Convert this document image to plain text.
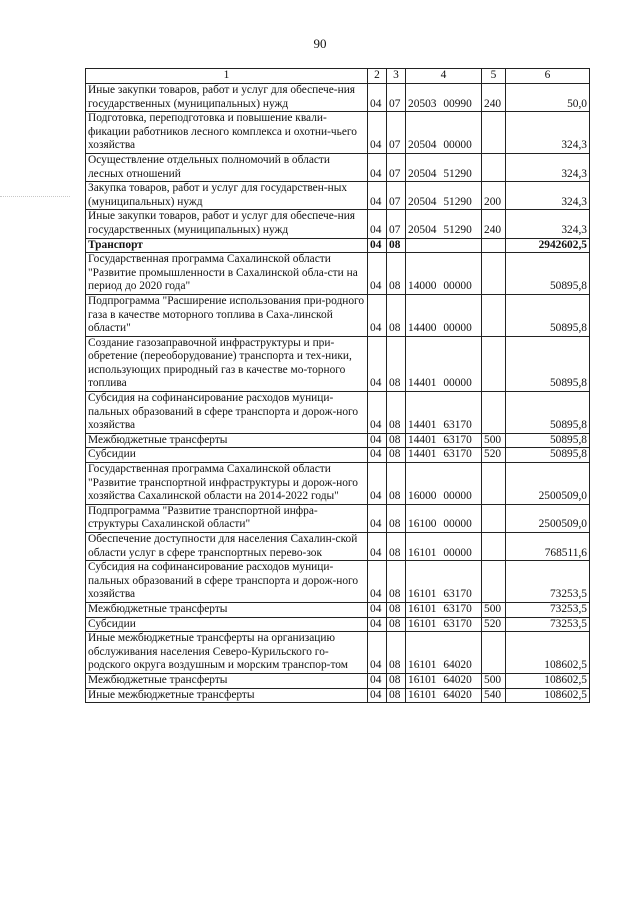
90
1	2	3	4	5	6
Иные закупки товаров, работ и услуг для обеспече-ния государственных (муниципальных) нужд	04	07	20503 00990	240	50,0
Подготовка, переподготовка и повышение квали-фикации работников лесного комплекса и охотни-чьего хозяйства	04	07	20504 00000		324,3
Осуществление отдельных полномочий в области лесных отношений	04	07	20504 51290		324,3
Закупка товаров, работ и услуг для государствен-ных (муниципальных) нужд	04	07	20504 51290	200	324,3
Иные закупки товаров, работ и услуг для обеспече-ния государственных (муниципальных) нужд	04	07	20504 51290	240	324,3
Транспорт	04	08			2942602,5
Государственная программа Сахалинской области "Развитие промышленности в Сахалинской обла-сти на период до 2020 года"	04	08	14000 00000		50895,8
Подпрограмма "Расширение использования при-родного газа в качестве моторного топлива в Саха-линской области"	04	08	14400 00000		50895,8
Создание газозаправочной инфраструктуры и при-обретение (переоборудование) транспорта и тех-ники, использующих природный газ в качестве мо-торного топлива	04	08	14401 00000		50895,8
Субсидия на софинансирование расходов муници-пальных образований в сфере транспорта и дорож-ного хозяйства	04	08	14401 63170		50895,8
Межбюджетные трансферты	04	08	14401 63170	500	50895,8
Субсидии	04	08	14401 63170	520	50895,8
Государственная программа Сахалинской области "Развитие транспортной инфраструктуры и дорож-ного хозяйства Сахалинской области на 2014-2022 годы"	04	08	16000 00000		2500509,0
Подпрограмма "Развитие транспортной инфра-структуры Сахалинской области"	04	08	16100 00000		2500509,0
Обеспечение доступности для населения Сахалин-ской области услуг в сфере транспортных перево-зок	04	08	16101 00000		768511,6
Субсидия на софинансирование расходов муници-пальных образований в сфере транспорта и дорож-ного хозяйства	04	08	16101 63170		73253,5
Межбюджетные трансферты	04	08	16101 63170	500	73253,5
Субсидии	04	08	16101 63170	520	73253,5
Иные межбюджетные трансферты на организацию обслуживания населения Северо-Курильского го-родского округа воздушным и морским транспор-том	04	08	16101 64020		108602,5
Межбюджетные трансферты	04	08	16101 64020	500	108602,5
Иные межбюджетные трансферты	04	08	16101 64020	540	108602,5
